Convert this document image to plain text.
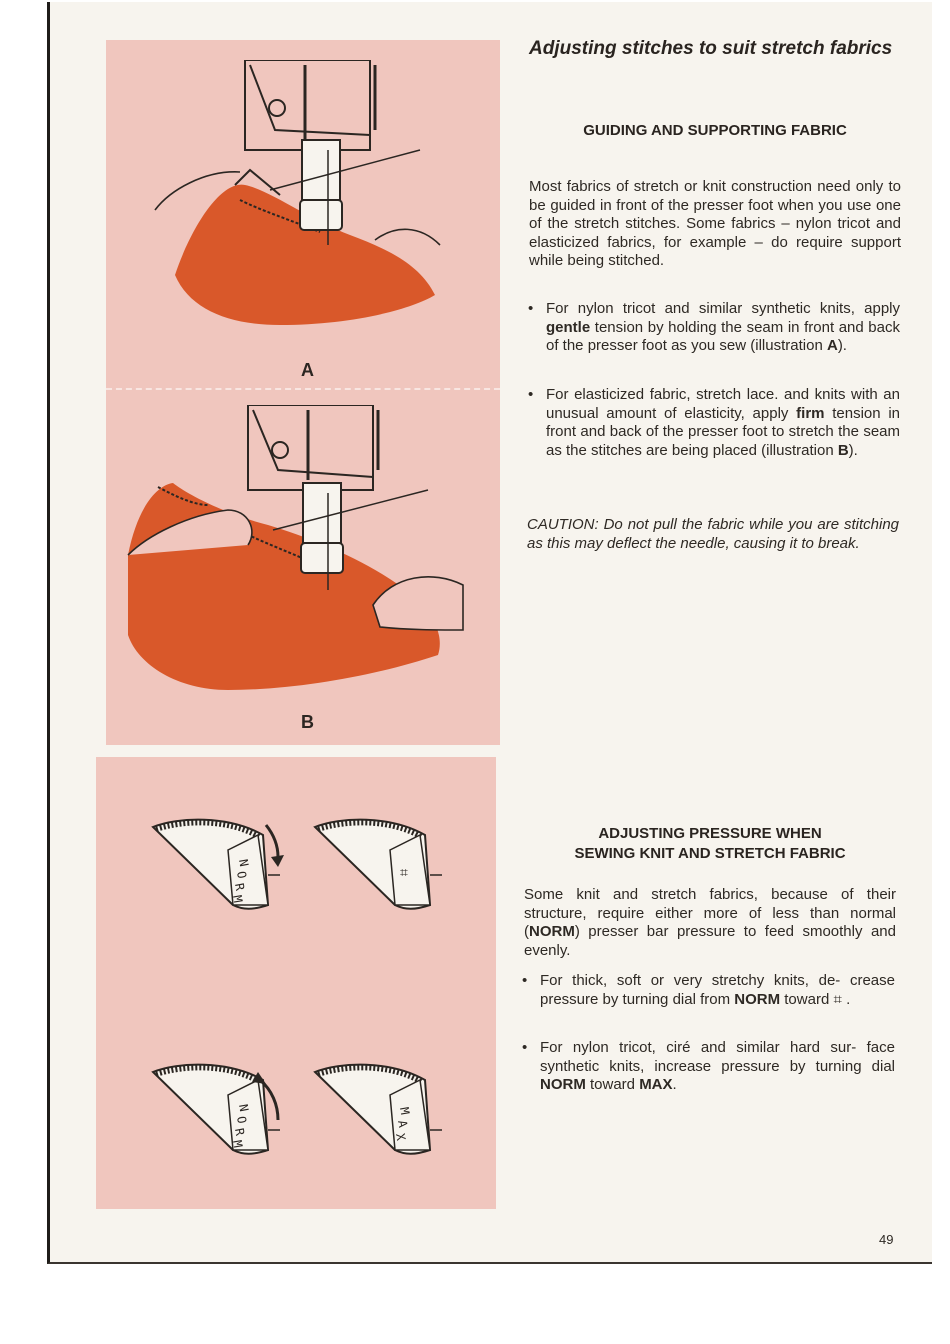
A
B
N
O
R
M
⌗
N
O
R
M
M
A
X
Adjusting stitches to suit stretch fabrics
GUIDING AND SUPPORTING FABRIC

Most fabrics of stretch or knit construction need only to be guided in front of the presser foot when you use one of the stretch stitches. Some fabrics – nylon tricot and elasticized fabrics, for example – do require support while being stitched.

• For nylon tricot and similar synthetic knits, apply gentle tension by holding the seam in front and back of the presser foot as you sew (illustration A).
• For elasticized fabric, stretch lace. and knits with an unusual amount of elasticity, apply firm tension in front and back of the presser foot to stretch the seam as the stitches are being placed (illustration B).

CAUTION: Do not pull the fabric while you are stitching as this may deflect the needle, causing it to break.

ADJUSTING PRESSURE WHEN
SEWING KNIT AND STRETCH FABRIC

Some knit and stretch fabrics, because of their structure, require either more of less than normal (NORM) presser bar pressure to feed smoothly and evenly.

• For thick, soft or very stretchy knits, de- crease pressure by turning dial from NORM toward ⌗ .
• For nylon tricot, ciré and similar hard sur- face synthetic knits, increase pressure by turning dial NORM toward MAX.
49
